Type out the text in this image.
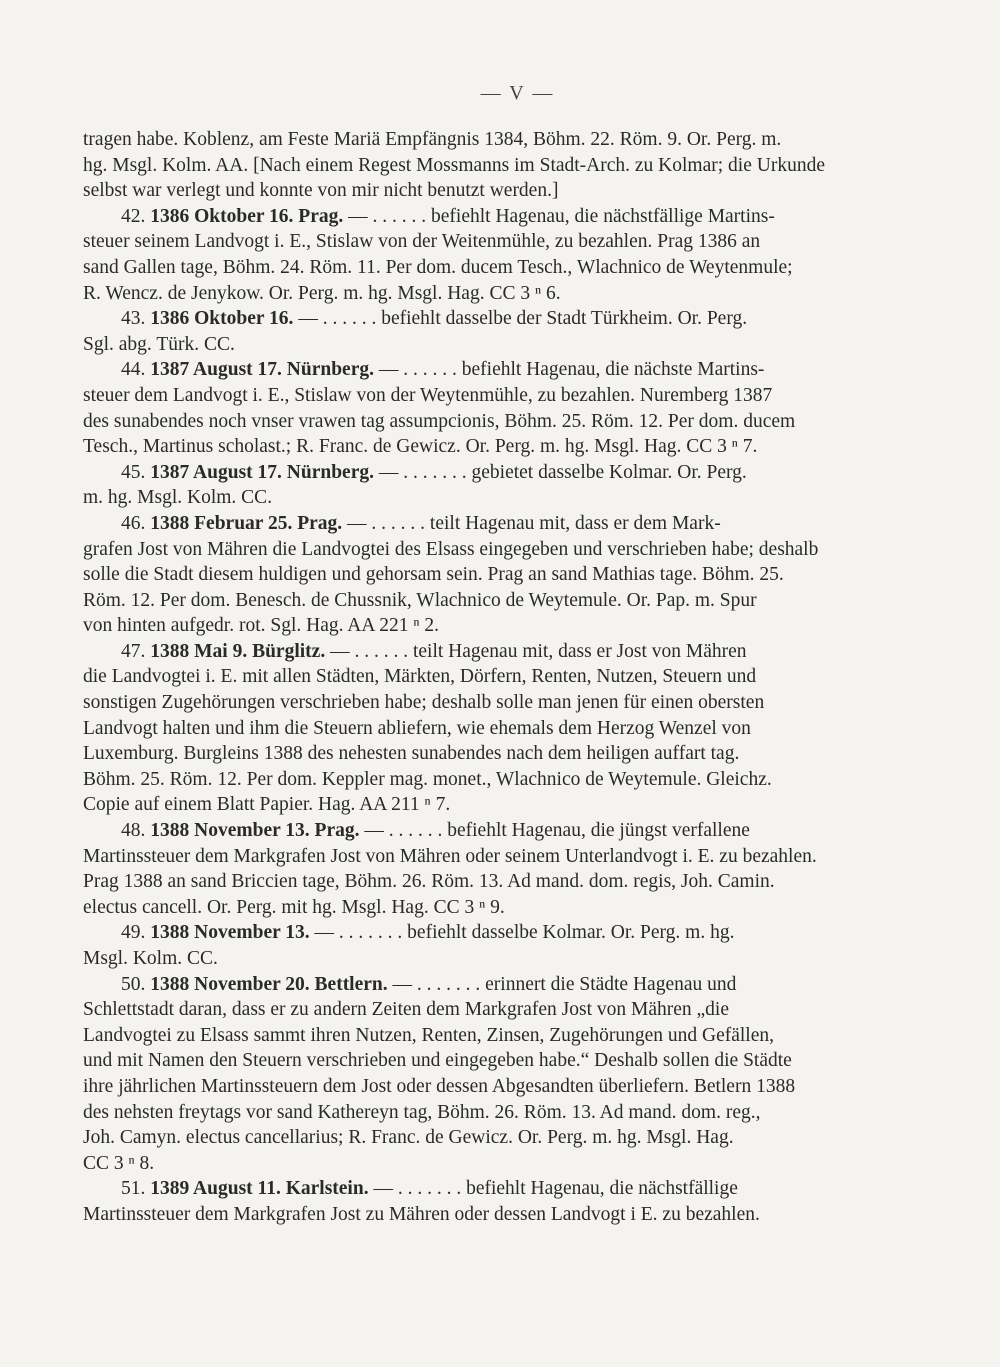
— V —
tragen habe. Koblenz, am Feste Mariä Empfängnis 1384, Böhm. 22. Röm. 9. Or. Perg. m.
hg. Msgl. Kolm. AA. [Nach einem Regest Mossmanns im Stadt-Arch. zu Kolmar; die Urkunde
selbst war verlegt und konnte von mir nicht benutzt werden.]
42. 1386 Oktober 16. Prag. — . . . . . . befiehlt Hagenau, die nächstfällige Martins-
steuer seinem Landvogt i. E., Stislaw von der Weitenmühle, zu bezahlen. Prag 1386 an
sand Gallen tage, Böhm. 24. Röm. 11. Per dom. ducem Tesch., Wlachnico de Weytenmule;
R. Wencz. de Jenykow. Or. Perg. m. hg. Msgl. Hag. CC 3 ⁿ 6.
43. 1386 Oktober 16. — . . . . . . befiehlt dasselbe der Stadt Türkheim. Or. Perg.
Sgl. abg. Türk. CC.
44. 1387 August 17. Nürnberg. — . . . . . . befiehlt Hagenau, die nächste Martins-
steuer dem Landvogt i. E., Stislaw von der Weytenmühle, zu bezahlen. Nuremberg 1387
des sunabendes noch vnser vrawen tag assumpcionis, Böhm. 25. Röm. 12. Per dom. ducem
Tesch., Martinus scholast.; R. Franc. de Gewicz. Or. Perg. m. hg. Msgl. Hag. CC 3 ⁿ 7.
45. 1387 August 17. Nürnberg. — . . . . . . . gebietet dasselbe Kolmar. Or. Perg.
m. hg. Msgl. Kolm. CC.
46. 1388 Februar 25. Prag. — . . . . . . teilt Hagenau mit, dass er dem Mark-
grafen Jost von Mähren die Landvogtei des Elsass eingegeben und verschrieben habe; deshalb
solle die Stadt diesem huldigen und gehorsam sein. Prag an sand Mathias tage. Böhm. 25.
Röm. 12. Per dom. Benesch. de Chussnik, Wlachnico de Weytemule. Or. Pap. m. Spur
von hinten aufgedr. rot. Sgl. Hag. AA 221 ⁿ 2.
47. 1388 Mai 9. Bürglitz. — . . . . . . teilt Hagenau mit, dass er Jost von Mähren
die Landvogtei i. E. mit allen Städten, Märkten, Dörfern, Renten, Nutzen, Steuern und
sonstigen Zugehörungen verschrieben habe; deshalb solle man jenen für einen obersten
Landvogt halten und ihm die Steuern abliefern, wie ehemals dem Herzog Wenzel von
Luxemburg. Burgleins 1388 des nehesten sunabendes nach dem heiligen auffart tag.
Böhm. 25. Röm. 12. Per dom. Keppler mag. monet., Wlachnico de Weytemule. Gleichz.
Copie auf einem Blatt Papier. Hag. AA 211 ⁿ 7.
48. 1388 November 13. Prag. — . . . . . . befiehlt Hagenau, die jüngst verfallene
Martinssteuer dem Markgrafen Jost von Mähren oder seinem Unterlandvogt i. E. zu bezahlen.
Prag 1388 an sand Briccien tage, Böhm. 26. Röm. 13. Ad mand. dom. regis, Joh. Camin.
electus cancell. Or. Perg. mit hg. Msgl. Hag. CC 3 ⁿ 9.
49. 1388 November 13. — . . . . . . . befiehlt dasselbe Kolmar. Or. Perg. m. hg.
Msgl. Kolm. CC.
50. 1388 November 20. Bettlern. — . . . . . . . erinnert die Städte Hagenau und
Schlettstadt daran, dass er zu andern Zeiten dem Markgrafen Jost von Mähren „die
Landvogtei zu Elsass sammt ihren Nutzen, Renten, Zinsen, Zugehörungen und Gefällen,
und mit Namen den Steuern verschrieben und eingegeben habe.“ Deshalb sollen die Städte
ihre jährlichen Martinssteuern dem Jost oder dessen Abgesandten überliefern. Betlern 1388
des nehsten freytags vor sand Kathereyn tag, Böhm. 26. Röm. 13. Ad mand. dom. reg.,
Joh. Camyn. electus cancellarius; R. Franc. de Gewicz. Or. Perg. m. hg. Msgl. Hag.
CC 3 ⁿ 8.
51. 1389 August 11. Karlstein. — . . . . . . . befiehlt Hagenau, die nächstfällige
Martinssteuer dem Markgrafen Jost zu Mähren oder dessen Landvogt i E. zu bezahlen.
